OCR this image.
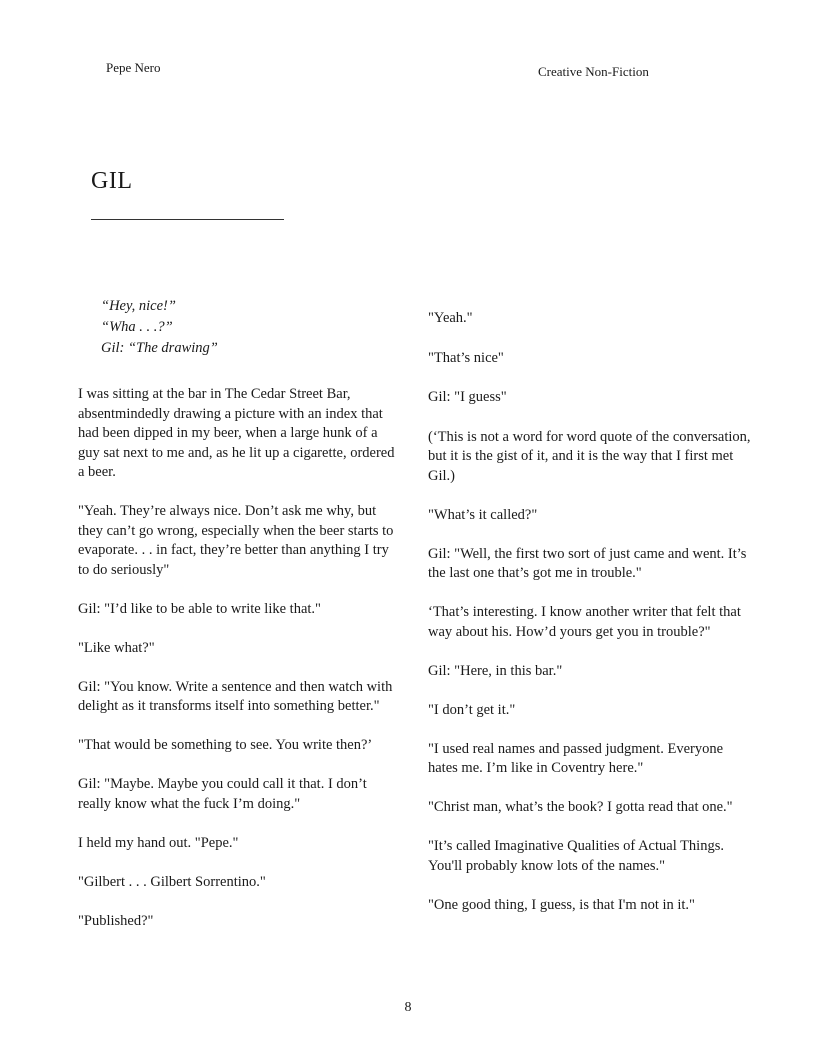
Pepe Nero	Creative Non-Fiction
GIL
“Hey, nice!”
“Wha . . .?”
Gil: “The drawing”

I was sitting at the bar in The Cedar Street Bar, absentmindedly drawing a picture with an index that had been dipped in my beer, when a large hunk of a guy sat next to me and, as he lit up a cigarette, ordered a beer.

"Yeah. They’re always nice. Don’t ask me why, but they can’t go wrong, especially when the beer starts to evaporate. . . in fact, they’re better than anything I try to do seriously"

Gil: "I’d like to be able to write like that."

"Like what?"

Gil: "You know. Write a sentence and then watch with delight as it transforms itself into something better."

"That would be something to see. You write then?’

Gil: "Maybe. Maybe you could call it that. I don’t really know what the fuck I’m doing."

I held my hand out. "Pepe."

"Gilbert . . . Gilbert Sorrentino."

"Published?"

"Yeah."

"That’s nice"

Gil: "I guess"

(‘This is not a word for word quote of the conversation, but it is the gist of it, and it is the way that I first met Gil.)

"What’s it called?"

Gil: "Well, the first two sort of just came and went. It’s the last one that’s got me in trouble."

‘That’s interesting. I know another writer that felt that way about his. How’d yours get you in trouble?"

Gil: "Here, in this bar."

"I don’t get it."

"I used real names and passed judgment. Everyone hates me. I’m like in Coventry here."

"Christ man, what’s the book? I gotta read that one."

"It’s called Imaginative Qualities of Actual Things. You'll probably know lots of the names."

"One good thing, I guess, is that I'm not in it."

8
